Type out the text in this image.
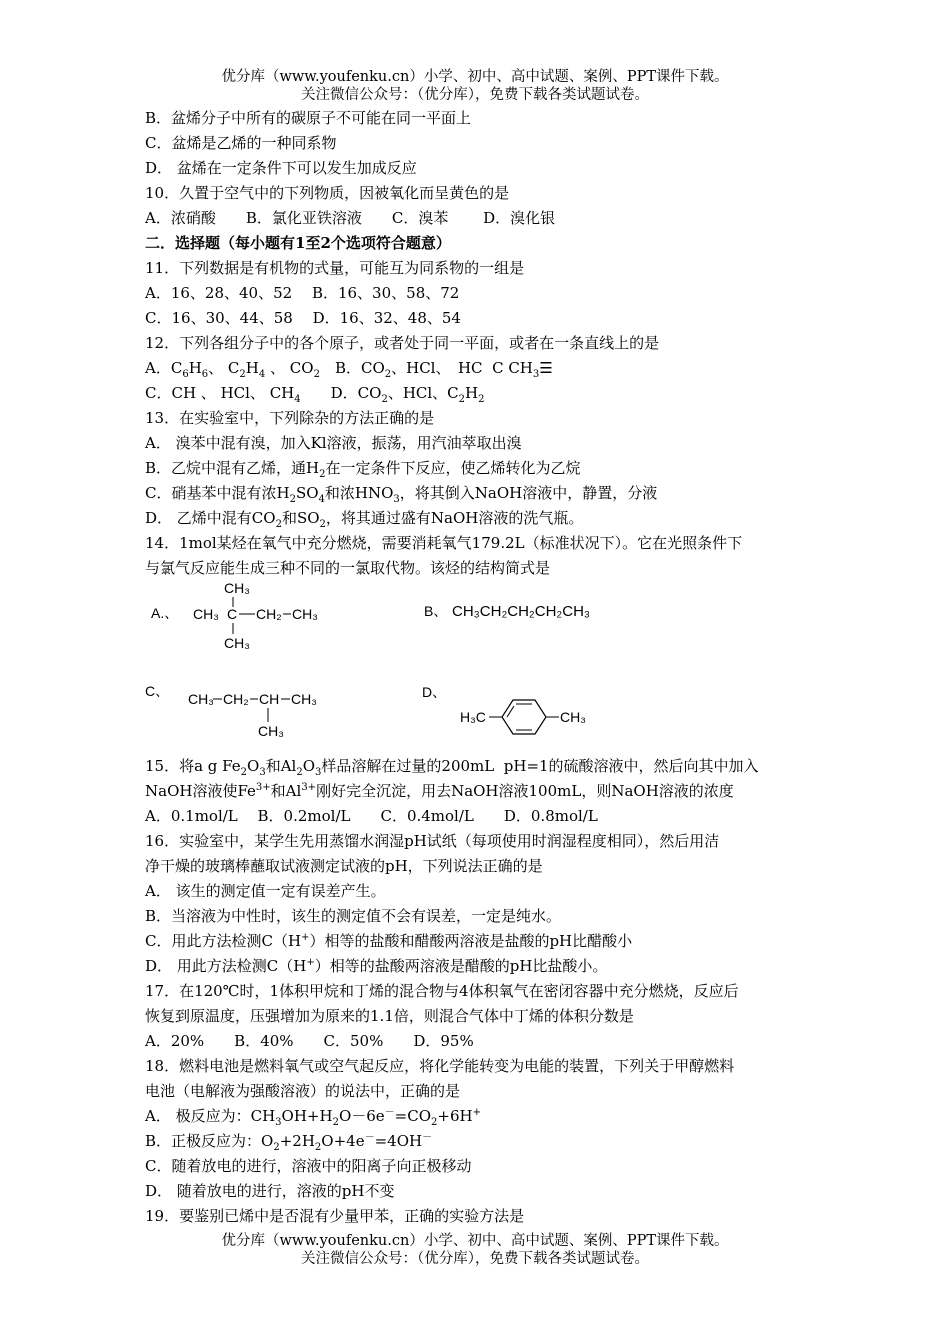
优分库（www.youfenku.cn）小学、初中、高中试题、案例、PPT课件下载。
关注微信公众号：（优分库），免费下载各类试题试卷。
B．盆烯分子中所有的碳原子不可能在同一平面上
C．盆烯是乙烯的一种同系物
D． 盆烯在一定条件下可以发生加成反应
10．久置于空气中的下列物质，因被氧化而呈黄色的是
A．浓硝酸　　B．氯化亚铁溶液　　C．溴苯　　 D．溴化银
二．选择题（每小题有1至2个选项符合题意）
11．下列数据是有机物的式量，可能互为同系物的一组是
A．16、28、40、52　 B．16、30、58、72
C．16、30、44、58　 D．16、32、48、54
12．下列各组分子中的各个原子，或者处于同一平面，或者在一条直线上的是
A．$C_6H_6$、 $C_2H_4$ 、 $CO_2$　B．$CO_2$、HCl、　HC  C $CH_3☰$
C．CH 、 HCl、 $CH_4$　　D．$CO_2$、HCl、$C_2H_2$
13．在实验室中，下列除杂的方法正确的是
A． 溴苯中混有溴，加入Kl溶液，振荡，用汽油萃取出溴
B．乙烷中混有乙烯，通$H_2$在一定条件下反应，使乙烯转化为乙烷
C．硝基苯中混有浓$H_2SO_4$和浓$HNO_3$，将其倒入NaOH溶液中，静置，分液
D． 乙烯中混有$CO_2$和$SO_2$，将其通过盛有NaOH溶液的洗气瓶。
14．1mol某烃在氧气中充分燃烧，需要消耗氧气179.2L（标准状况下）。它在光照条件下
与氯气反应能生成三种不同的一氯取代物。该烃的结构简式是
A.、
CH₃
CH₃ C CH₂ CH₃
CH₃
B、 CH₃CH₂CH₂CH₂CH₃
C、 CH₃ CH₂ CH CH₃
CH₃
D、
H₃C	CH₃
15．将a g $Fe_2O_3$和$Al_2O_3$样品溶解在过量的200mL  pH=1的硫酸溶液中，然后向其中加入
NaOH溶液使$Fe^{3+}$和$Al^{3+}$刚好完全沉淀，用去NaOH溶液100mL，则NaOH溶液的浓度
A．0.1mol/L　 B．0.2mol/L　　C．0.4mol/L　　D．0.8mol/L
16．实验室中，某学生先用蒸馏水润湿pH试纸（每项使用时润湿程度相同），然后用洁
净干燥的玻璃棒蘸取试液测定试液的pH，下列说法正确的是
A． 该生的测定值一定有误差产生。
B．当溶液为中性时，该生的测定值不会有误差，一定是纯水。
C．用此方法检测C（H+）相等的盐酸和醋酸两溶液是盐酸的pH比醋酸小
D． 用此方法检测C（H+）相等的盐酸两溶液是醋酸的pH比盐酸小。
17．在120℃时，1体积甲烷和丁烯的混合物与4体积氧气在密闭容器中充分燃烧，反应后
恢复到原温度，压强增加为原来的1.1倍，则混合气体中丁烯的体积分数是
A．20%　　B．40%　　C．50%　　D．95%
18．燃料电池是燃料氧气或空气起反应，将化学能转变为电能的装置，下列关于甲醇燃料
电池（电解液为强酸溶液）的说法中，正确的是
A． 极反应为：$CH_3OH+H_2O-6e^-=CO_2+6H^+$
B．正极反应为：$O_2+2H_2O+4e^-=4OH^-$
C．随着放电的进行，溶液中的阳离子向正极移动
D． 随着放电的进行，溶液的pH不变
19．要鉴别已烯中是否混有少量甲苯，正确的实验方法是
优分库（www.youfenku.cn）小学、初中、高中试题、案例、PPT课件下载。
关注微信公众号：（优分库），免费下载各类试题试卷。
